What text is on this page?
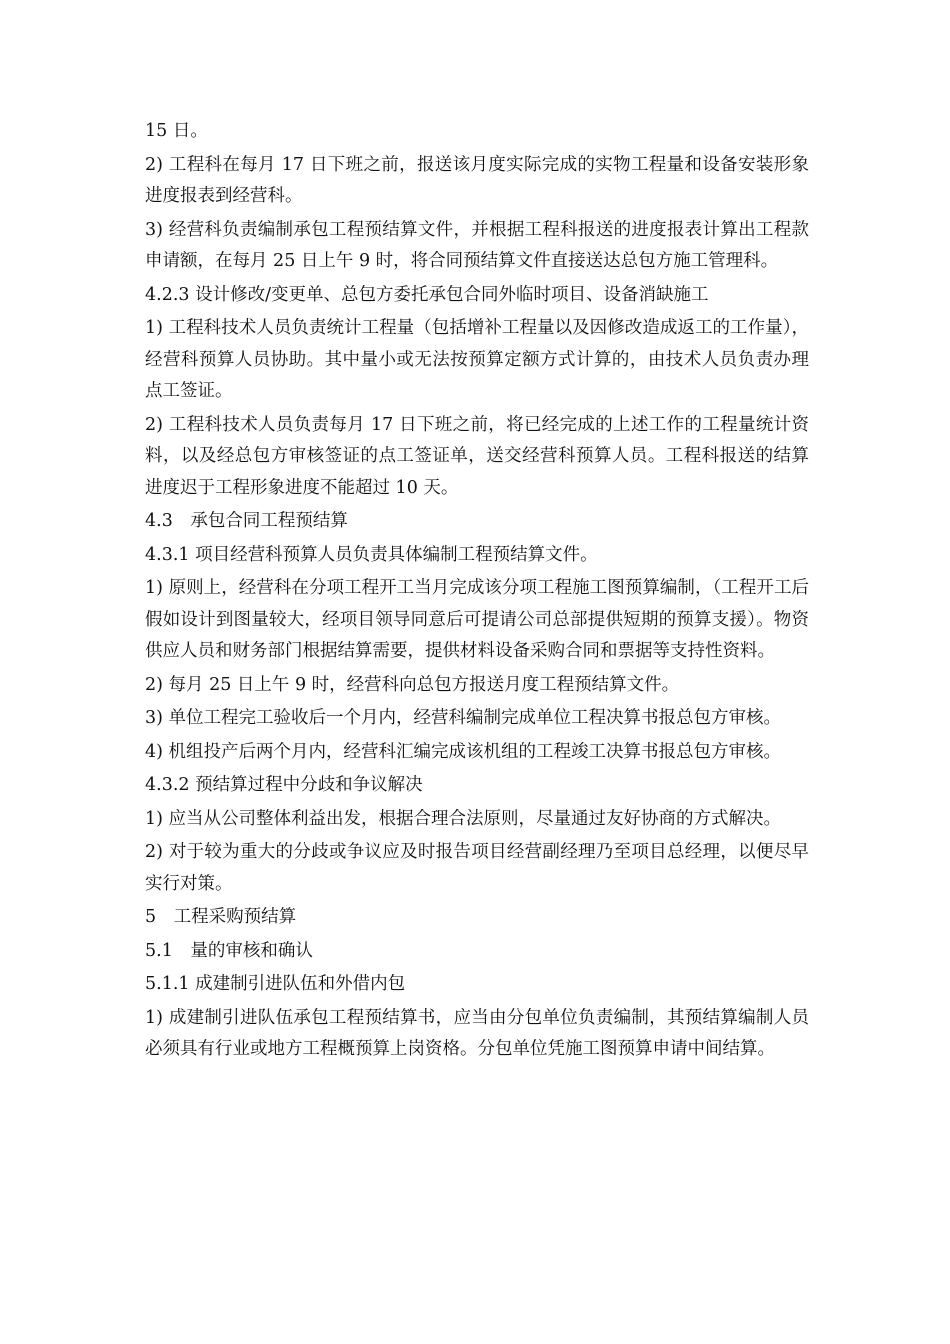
15 日。

2) 工程科在每月 17 日下班之前，报送该月度实际完成的实物工程量和设备安装形象进度报表到经营科。

3) 经营科负责编制承包工程预结算文件，并根据工程科报送的进度报表计算出工程款申请额，在每月 25 日上午 9 时，将合同预结算文件直接送达总包方施工管理科。

4.2.3 设计修改/变更单、总包方委托承包合同外临时项目、设备消缺施工

1) 工程科技术人员负责统计工程量（包括增补工程量以及因修改造成返工的工作量），经营科预算人员协助。其中量小或无法按预算定额方式计算的，由技术人员负责办理点工签证。

2) 工程科技术人员负责每月 17 日下班之前，将已经完成的上述工作的工程量统计资料，以及经总包方审核签证的点工签证单，送交经营科预算人员。工程科报送的结算进度迟于工程形象进度不能超过 10 天。

4.3　承包合同工程预结算

4.3.1 项目经营科预算人员负责具体编制工程预结算文件。

1) 原则上，经营科在分项工程开工当月完成该分项工程施工图预算编制，（工程开工后假如设计到图量较大，经项目领导同意后可提请公司总部提供短期的预算支援）。物资供应人员和财务部门根据结算需要，提供材料设备采购合同和票据等支持性资料。

2) 每月 25 日上午 9 时，经营科向总包方报送月度工程预结算文件。

3) 单位工程完工验收后一个月内，经营科编制完成单位工程决算书报总包方审核。

4) 机组投产后两个月内，经营科汇编完成该机组的工程竣工决算书报总包方审核。

4.3.2 预结算过程中分歧和争议解决

1) 应当从公司整体利益出发，根据合理合法原则，尽量通过友好协商的方式解决。

2) 对于较为重大的分歧或争议应及时报告项目经营副经理乃至项目总经理，以便尽早实行对策。

5　工程采购预结算

5.1　量的审核和确认

5.1.1 成建制引进队伍和外借内包

1) 成建制引进队伍承包工程预结算书，应当由分包单位负责编制，其预结算编制人员必须具有行业或地方工程概预算上岗资格。分包单位凭施工图预算申请中间结算。
